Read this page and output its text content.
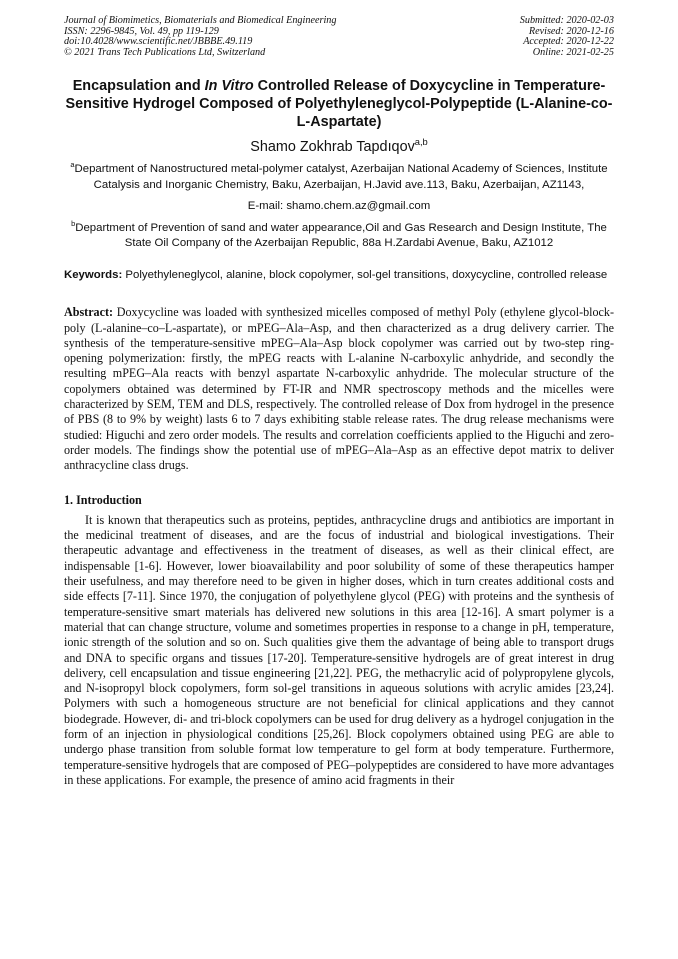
Journal of Biomimetics, Biomaterials and Biomedical Engineering
ISSN: 2296-9845, Vol. 49, pp 119-129
doi:10.4028/www.scientific.net/JBBBE.49.119
© 2021 Trans Tech Publications Ltd, Switzerland
Submitted: 2020-02-03
Revised: 2020-12-16
Accepted: 2020-12-22
Online: 2021-02-25
Encapsulation and In Vitro Controlled Release of Doxycycline in Temperature-Sensitive Hydrogel Composed of Polyethyleneglycol-Polypeptide (L-Alanine-co-L-Aspartate)
Shamo Zokhrab Tapdıqov$^{a,b}$
$^a$Department of Nanostructured metal-polymer catalyst, Azerbaijan National Academy of Sciences, Institute Catalysis and Inorganic Chemistry, Baku, Azerbaijan, H.Javid ave.113, Baku, Azerbaijan, AZ1143,
E-mail: shamo.chem.az@gmail.com
$^b$Department of Prevention of sand and water appearance,Oil and Gas Research and Design Institute, The State Oil Company of the Azerbaijan Republic, 88a H.Zardabi Avenue, Baku, AZ1012
Keywords: Polyethyleneglycol, alanine, block copolymer, sol-gel transitions, doxycycline, controlled release
Abstract: Doxycycline was loaded with synthesized micelles composed of methyl Poly (ethylene glycol-block-poly (L-alanine–co–L-aspartate), or mPEG–Ala–Asp, and then characterized as a drug delivery carrier. The synthesis of the temperature-sensitive mPEG–Ala–Asp block copolymer was carried out by two-step ring-opening polymerization: firstly, the mPEG reacts with L-alanine N-carboxylic anhydride, and secondly the resulting mPEG–Ala reacts with benzyl aspartate N-carboxylic anhydride. The molecular structure of the copolymers obtained was determined by FT-IR and NMR spectroscopy methods and the micelles were characterized by SEM, TEM and DLS, respectively. The controlled release of Dox from hydrogel in the presence of PBS (8 to 9% by weight) lasts 6 to 7 days exhibiting stable release rates. The drug release mechanisms were studied: Higuchi and zero order models. The results and correlation coefficients applied to the Higuchi and zero-order models. The findings show the potential use of mPEG–Ala–Asp as an effective depot matrix to deliver anthracycline class drugs.
1. Introduction
It is known that therapeutics such as proteins, peptides, anthracycline drugs and antibiotics are important in the medicinal treatment of diseases, and are the focus of industrial and biological investigations. Their therapeutic advantage and effectiveness in the treatment of diseases, as well as their clinical effect, are indispensable [1-6]. However, lower bioavailability and poor solubility of some of these therapeutics hamper their usefulness, and may therefore need to be given in higher doses, which in turn creates additional costs and side effects [7-11]. Since 1970, the conjugation of polyethylene glycol (PEG) with proteins and the synthesis of temperature-sensitive smart materials has delivered new solutions in this area [12-16]. A smart polymer is a material that can change structure, volume and sometimes properties in response to a change in pH, temperature, ionic strength of the solution and so on. Such qualities give them the advantage of being able to transport drugs and DNA to specific organs and tissues [17-20]. Temperature-sensitive hydrogels are of great interest in drug delivery, cell encapsulation and tissue engineering [21,22]. PEG, the methacrylic acid of polypropylene glycols, and N-isopropyl block copolymers, form sol-gel transitions in aqueous solutions with acrylic amides [23,24]. Polymers with such a homogeneous structure are not beneficial for clinical applications and they cannot biodegrade. However, di- and tri-block copolymers can be used for drug delivery as a hydrogel conjugation in the form of an injection in physiological conditions [25,26]. Block copolymers obtained using PEG are able to undergo phase transition from soluble format low temperature to gel form at body temperature. Furthermore, temperature-sensitive hydrogels that are composed of PEG–polypeptides are considered to have more advantages in these applications. For example, the presence of amino acid fragments in their
